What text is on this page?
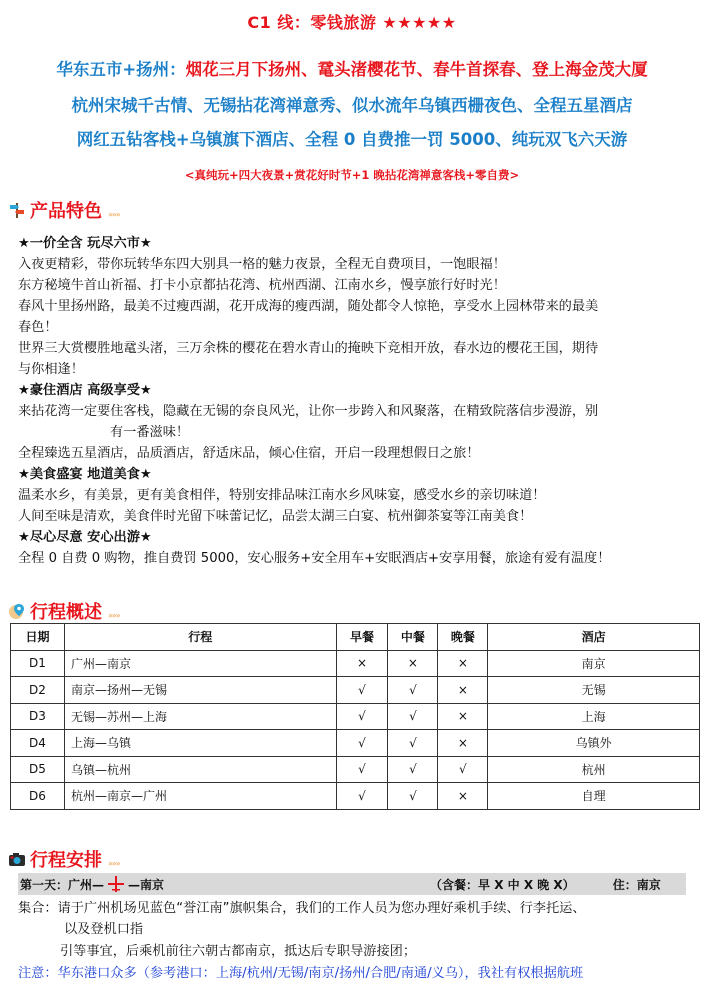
C1 线：零钱旅游 ★★★★★
华东五市+扬州：烟花三月下扬州、鼋头渚樱花节、春牛首探春、登上海金茂大厦
杭州宋城千古情、无锡拈花湾禅意秀、似水流年乌镇西栅夜色、全程五星酒店
网红五钻客栈+乌镇旗下酒店、全程 0 自费推一罚 5000、纯玩双飞六天游
<真纯玩+四大夜景+赏花好时节+1 晚拈花湾禅意客栈+零自费>
产品特色 »»»
★一价全含 玩尽六市★
入夜更精彩，带你玩转华东四大别具一格的魅力夜景，全程无自费项目，一饱眼福！
东方秘境牛首山祈福、打卡小京都拈花湾、杭州西湖、江南水乡，慢享旅行好时光！
春风十里扬州路，最美不过瘦西湖，花开成海的瘦西湖，随处都令人惊艳，享受水上园林带来的最美
春色！
世界三大赏樱胜地鼋头渚，三万余株的樱花在碧水青山的掩映下竞相开放，春水边的樱花王国，期待
与你相逢！
★豪住酒店 高级享受★
来拈花湾一定要住客栈，隐藏在无锡的奈良风光，让你一步跨入和风聚落，在精致院落信步漫游，别
有一番滋味！
全程臻选五星酒店，品质酒店，舒适床品，倾心住宿，开启一段理想假日之旅！
★美食盛宴 地道美食★
温柔水乡，有美景，更有美食相伴，特别安排品味江南水乡风味宴，感受水乡的亲切味道！
人间至味是清欢，美食伴时光留下味蕾记忆，品尝太湖三白宴、杭州御茶宴等江南美食！
★尽心尽意 安心出游★
全程 0 自费 0 购物，推自费罚 5000，安心服务+安全用车+安眠酒店+安享用餐，旅途有爱有温度！
行程概述 »»»
日期	行程	早餐	中餐	晚餐	酒店
D1	广州—南京	×	×	×	南京
D2	南京—扬州—无锡	√	√	×	无锡
D3	无锡—苏州—上海	√	√	×	上海
D4	上海—乌镇	√	√	×	乌镇外
D5	乌镇—杭州	√	√	√	杭州
D6	杭州—南京—广州	√	√	×	自理
行程安排 »»»
第一天：广州— —南京	（含餐：早 X 中 X 晚 X）	住：南京
集合：请于广州机场见蓝色“誉江南”旗帜集合，我们的工作人员为您办理好乘机手续、行李托运、
以及登机口指
引等事宜，后乘机前往六朝古都南京，抵达后专职导游接团；
注意：华东港口众多（参考港口：上海/杭州/无锡/南京/扬州/合肥/南通/义乌），我社有权根据航班
